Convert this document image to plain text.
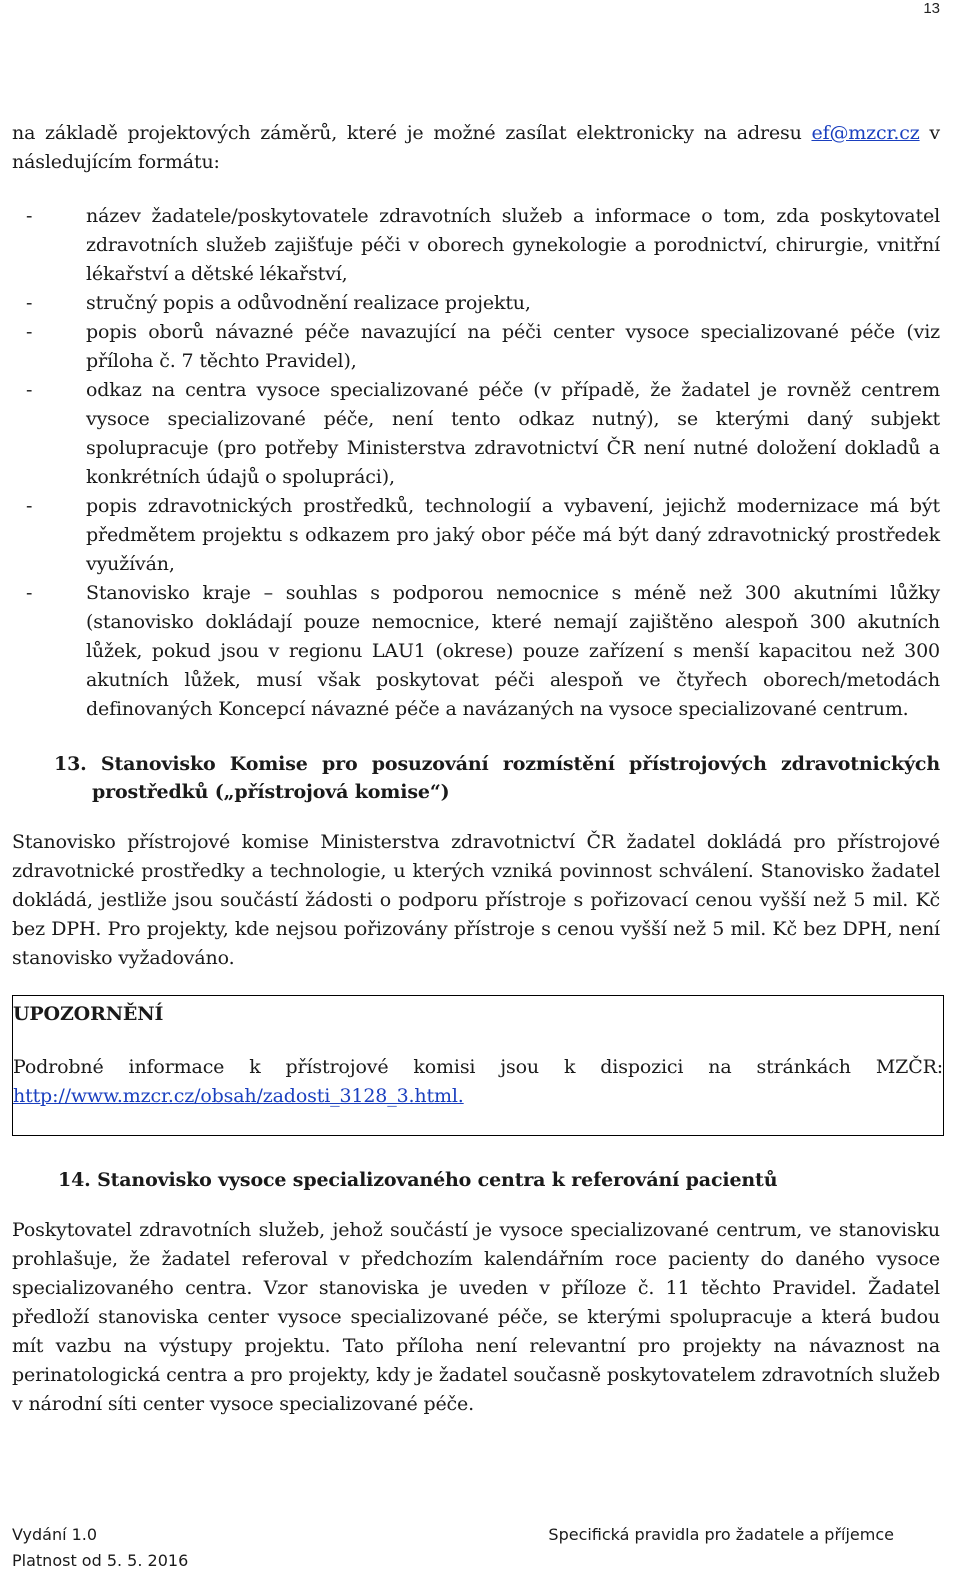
13

na základě projektových záměrů, které je možné zasílat elektronicky na adresu ef@mzcr.cz v následujícím formátu:

- název žadatele/poskytovatele zdravotních služeb a informace o tom, zda poskytovatel zdravotních služeb zajišťuje péči v oborech gynekologie a porodnictví, chirurgie, vnitřní lékařství a dětské lékařství,
- stručný popis a odůvodnění realizace projektu,
- popis oborů návazné péče navazující na péči center vysoce specializované péče (viz příloha č. 7 těchto Pravidel),
- odkaz na centra vysoce specializované péče (v případě, že žadatel je rovněž centrem vysoce specializované péče, není tento odkaz nutný), se kterými daný subjekt spolupracuje (pro potřeby Ministerstva zdravotnictví ČR není nutné doložení dokladů a konkrétních údajů o spolupráci),
- popis zdravotnických prostředků, technologií a vybavení, jejichž modernizace má být předmětem projektu s odkazem pro jaký obor péče má být daný zdravotnický prostředek využíván,
- Stanovisko kraje – souhlas s podporou nemocnice s méně než 300 akutními lůžky (stanovisko dokládají pouze nemocnice, které nemají zajištěno alespoň 300 akutních lůžek, pokud jsou v regionu LAU1 (okrese) pouze zařízení s menší kapacitou než 300 akutních lůžek, musí však poskytovat péči alespoň ve čtyřech oborech/metodách definovaných Koncepcí návazné péče a navázaných na vysoce specializované centrum.
13. Stanovisko Komise pro posuzování rozmístění přístrojových zdravotnických prostředků („přístrojová komise“)

Stanovisko přístrojové komise Ministerstva zdravotnictví ČR žadatel dokládá pro přístrojové zdravotnické prostředky a technologie, u kterých vzniká povinnost schválení. Stanovisko žadatel dokládá, jestliže jsou součástí žádosti o podporu přístroje s pořizovací cenou vyšší než 5 mil. Kč bez DPH. Pro projekty, kde nejsou pořizovány přístroje s cenou vyšší než 5 mil. Kč bez DPH, není stanovisko vyžadováno.

UPOZORNĚNÍ

Podrobné informace k přístrojové komisi jsou k dispozici na stránkách MZČR: http://www.mzcr.cz/obsah/zadosti_3128_3.html.

14. Stanovisko vysoce specializovaného centra k referování pacientů

Poskytovatel zdravotních služeb, jehož součástí je vysoce specializované centrum, ve stanovisku prohlašuje, že žadatel referoval v předchozím kalendářním roce pacienty do daného vysoce specializovaného centra. Vzor stanoviska je uveden v příloze č. 11 těchto Pravidel. Žadatel předloží stanoviska center vysoce specializované péče, se kterými spolupracuje a která budou mít vazbu na výstupy projektu. Tato příloha není relevantní pro projekty na návaznost na perinatologická centra a pro projekty, kdy je žadatel současně poskytovatelem zdravotních služeb v národní síti center vysoce specializované péče.

Vydání 1.0
Platnost od 5. 5. 2016
Specifická pravidla pro žadatele a příjemce
